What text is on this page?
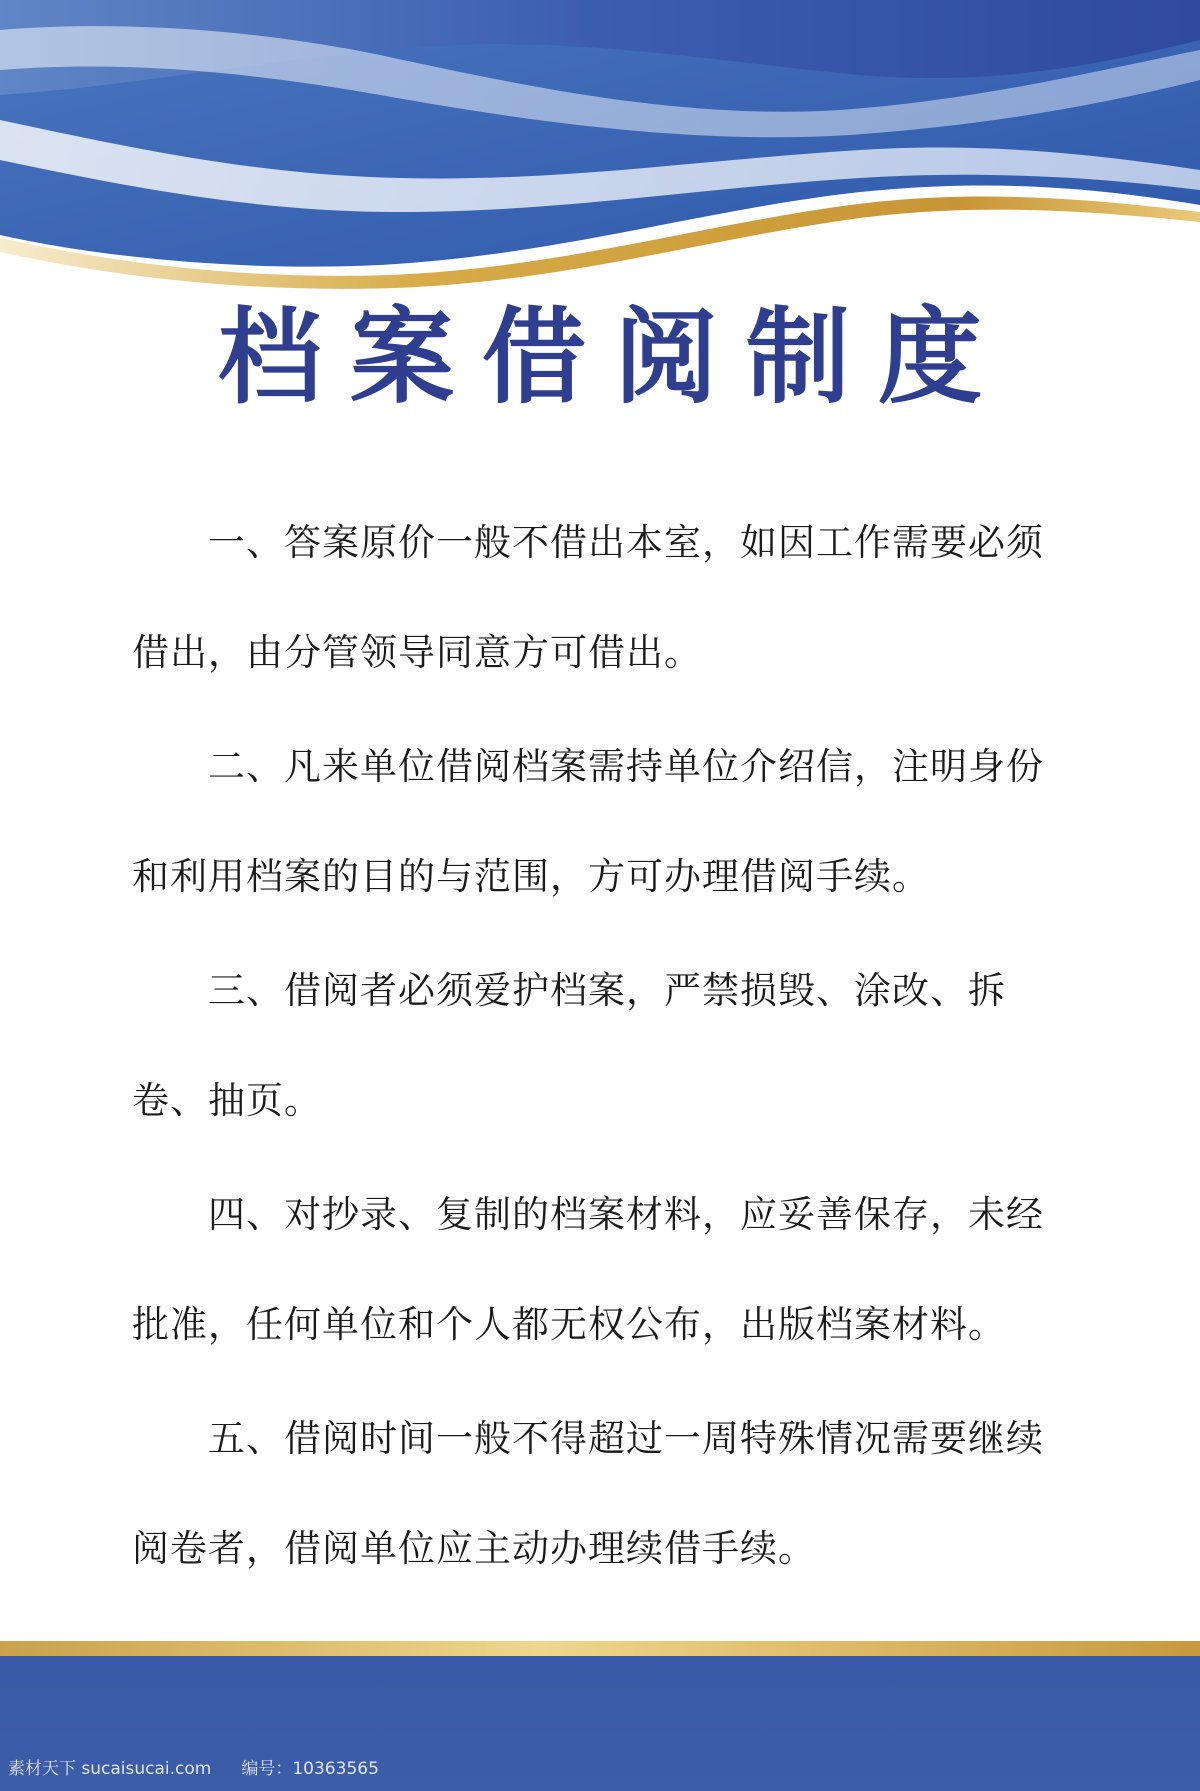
档案借阅制度

一、答案原价一般不借出本室，如因工作需要必须借出，由分管领导同意方可借出。

二、凡来单位借阅档案需持单位介绍信，注明身份和利用档案的目的与范围，方可办理借阅手续。

三、借阅者必须爱护档案，严禁损毁、涂改、拆卷、抽页。

四、对抄录、复制的档案材料，应妥善保存，未经批准，任何单位和个人都无权公布，出版档案材料。

五、借阅时间一般不得超过一周特殊情况需要继续阅卷者，借阅单位应主动办理续借手续。

素材天下 sucaisucai.com 编号：10363565
